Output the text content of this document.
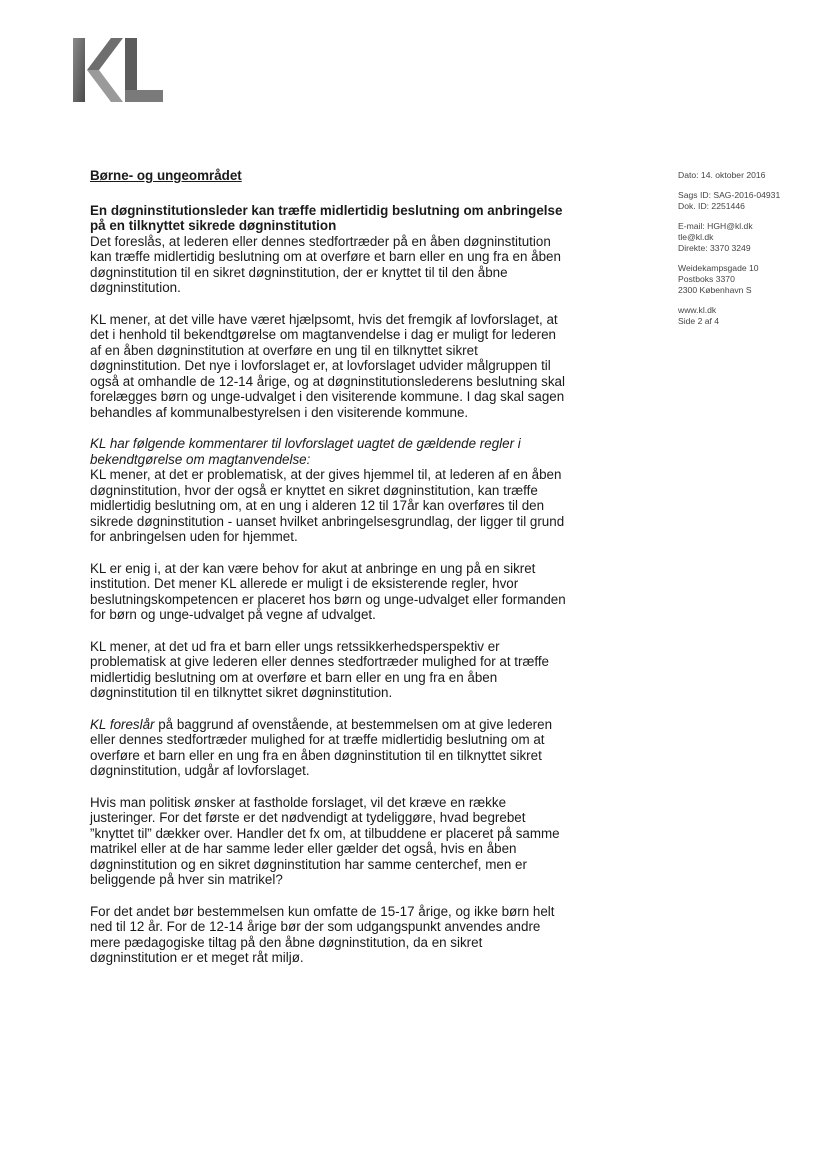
Børne- og ungeområdet

En døgninstitutionsleder kan træffe midlertidig beslutning om anbringelse på en tilknyttet sikrede døgninstitution

Det foreslås, at lederen eller dennes stedfortræder på en åben døgninstitution kan træffe midlertidig beslutning om at overføre et barn eller en ung fra en åben døgninstitution til en sikret døgninstitution, der er knyttet til til den åbne døgninstitution.

KL mener, at det ville have været hjælpsomt, hvis det fremgik af lovforslaget, at det i henhold til bekendtgørelse om magtanvendelse i dag er muligt for lederen af en åben døgninstitution at overføre en ung til en tilknyttet sikret døgninstitution. Det nye i lovforslaget er, at lovforslaget udvider målgruppen til også at omhandle de 12-14 årige, og at døgninstitutionslederens beslutning skal forelægges børn og unge-udvalget i den visiterende kommune. I dag skal sagen behandles af kommunalbestyrelsen i den visiterende kommune.

KL har følgende kommentarer til lovforslaget uagtet de gældende regler i bekendtgørelse om magtanvendelse:
KL mener, at det er problematisk, at der gives hjemmel til, at lederen af en åben døgninstitution, hvor der også er knyttet en sikret døgninstitution, kan træffe midlertidig beslutning om, at en ung i alderen 12 til 17år kan overføres til den sikrede døgninstitution - uanset hvilket anbringelsesgrundlag, der ligger til grund for anbringelsen uden for hjemmet.

KL er enig i, at der kan være behov for akut at anbringe en ung på en sikret institution. Det mener KL allerede er muligt i de eksisterende regler, hvor beslutningskompetencen er placeret hos børn og unge-udvalget eller formanden for børn og unge-udvalget på vegne af udvalget.

KL mener, at det ud fra et barn eller ungs retssikkerhedsperspektiv er problematisk at give lederen eller dennes stedfortræder mulighed for at træffe midlertidig beslutning om at overføre et barn eller en ung fra en åben døgninstitution til en tilknyttet sikret døgninstitution.

KL foreslår på baggrund af ovenstående, at bestemmelsen om at give lederen eller dennes stedfortræder mulighed for at træffe midlertidig beslutning om at overføre et barn eller en ung fra en åben døgninstitution til en tilknyttet sikret døgninstitution, udgår af lovforslaget.

Hvis man politisk ønsker at fastholde forslaget, vil det kræve en række justeringer. For det første er det nødvendigt at tydeliggøre, hvad begrebet ”knyttet til” dækker over. Handler det fx om, at tilbuddene er placeret på samme matrikel eller at de har samme leder eller gælder det også, hvis en åben døgninstitution og en sikret døgninstitution har samme centerchef, men er beliggende på hver sin matrikel?

For det andet bør bestemmelsen kun omfatte de 15-17 årige, og ikke børn helt ned til 12 år. For de 12-14 årige bør der som udgangspunkt anvendes andre mere pædagogiske tiltag på den åbne døgninstitution, da en sikret døgninstitution er et meget råt miljø.

Dato: 14. oktober 2016

Sags ID: SAG-2016-04931
Dok. ID: 2251446

E-mail: HGH@kl.dk
tle@kl.dk
Direkte: 3370 3249

Weidekampsgade 10
Postboks 3370
2300 København S

www.kl.dk
Side 2 af 4
